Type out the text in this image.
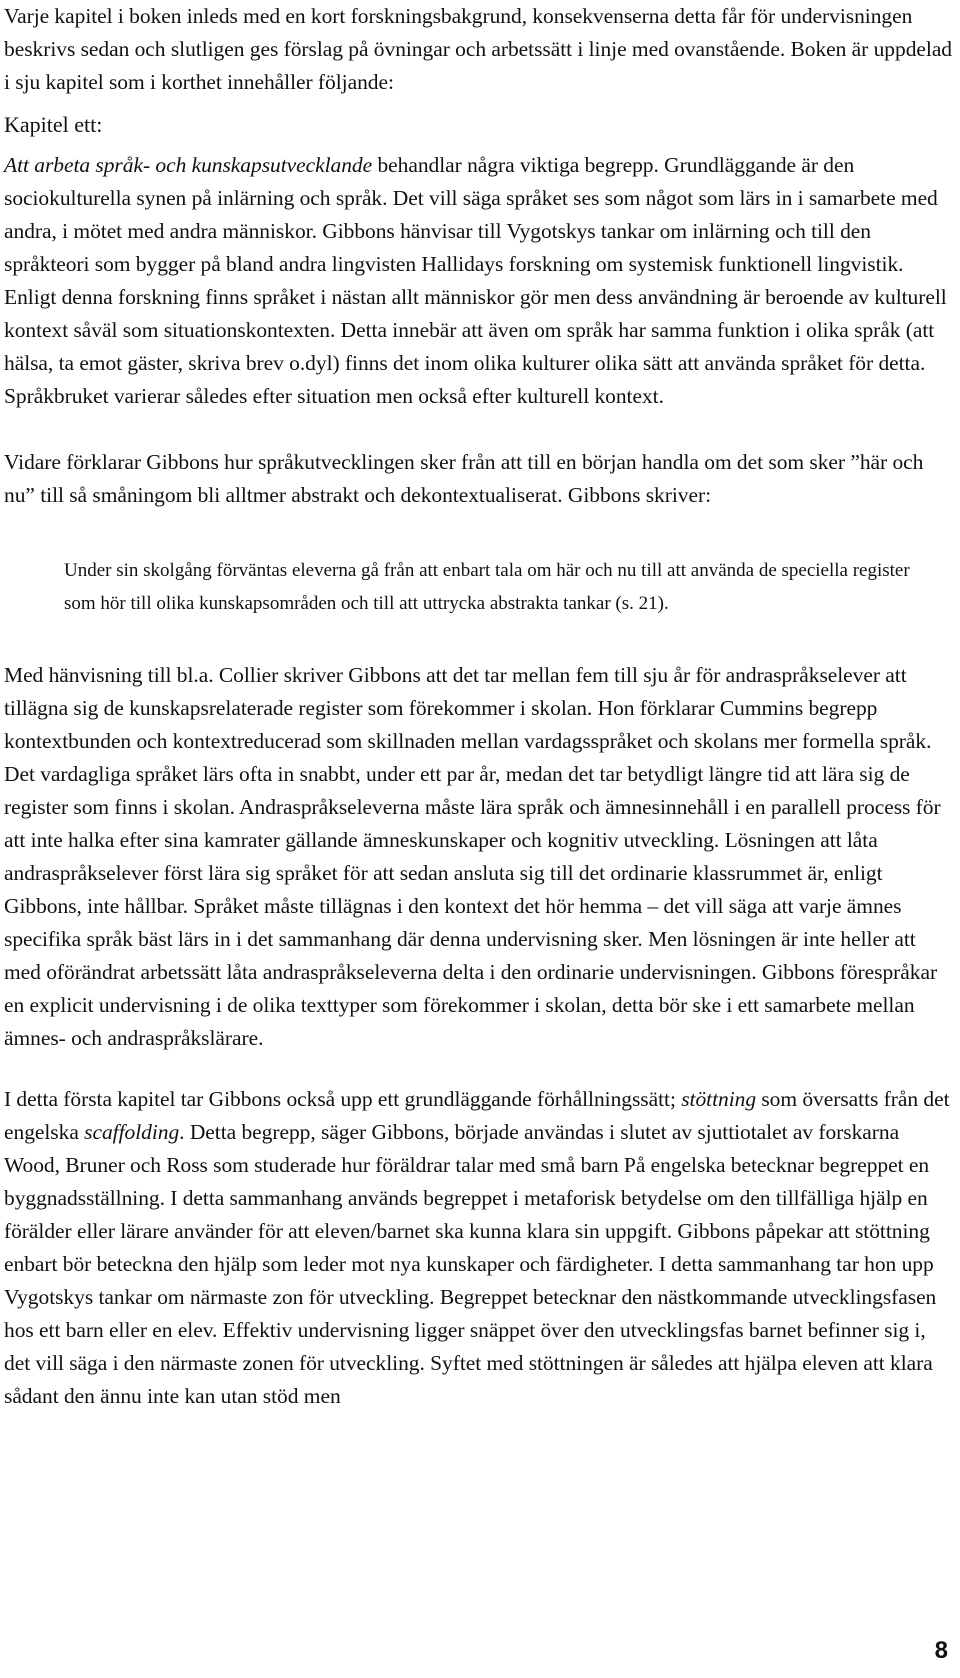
Varje kapitel i boken inleds med en kort forskningsbakgrund, konsekvenserna detta får för undervisningen beskrivs sedan och slutligen ges förslag på övningar och arbetssätt i linje med ovanstående. Boken är uppdelad i sju kapitel som i korthet innehåller följande:

Kapitel ett:

Att arbeta språk- och kunskapsutvecklande behandlar några viktiga begrepp. Grundläggande är den sociokulturella synen på inlärning och språk. Det vill säga språket ses som något som lärs in i samarbete med andra, i mötet med andra människor. Gibbons hänvisar till Vygotskys tankar om inlärning och till den språkteori som bygger på bland andra lingvisten Hallidays forskning om systemisk funktionell lingvistik. Enligt denna forskning finns språket i nästan allt människor gör men dess användning är beroende av kulturell kontext såväl som situationskontexten. Detta innebär att även om språk har samma funktion i olika språk (att hälsa, ta emot gäster, skriva brev o.dyl) finns det inom olika kulturer olika sätt att använda språket för detta. Språkbruket varierar således efter situation men också efter kulturell kontext.

Vidare förklarar Gibbons hur språkutvecklingen sker från att till en början handla om det som sker ”här och nu” till så småningom bli alltmer abstrakt och dekontextualiserat. Gibbons skriver:

Under sin skolgång förväntas eleverna gå från att enbart tala om här och nu till att använda de speciella register som hör till olika kunskapsområden och till att uttrycka abstrakta tankar (s. 21).

Med hänvisning till bl.a. Collier skriver Gibbons att det tar mellan fem till sju år för andraspråkselever att tillägna sig de kunskapsrelaterade register som förekommer i skolan. Hon förklarar Cummins begrepp kontextbunden och kontextreducerad som skillnaden mellan vardagsspråket och skolans mer formella språk. Det vardagliga språket lärs ofta in snabbt, under ett par år, medan det tar betydligt längre tid att lära sig de register som finns i skolan. Andraspråkseleverna måste lära språk och ämnesinnehåll i en parallell process för att inte halka efter sina kamrater gällande ämneskunskaper och kognitiv utveckling. Lösningen att låta andraspråkselever först lära sig språket för att sedan ansluta sig till det ordinarie klassrummet är, enligt Gibbons, inte hållbar. Språket måste tillägnas i den kontext det hör hemma – det vill säga att varje ämnes specifika språk bäst lärs in i det sammanhang där denna undervisning sker. Men lösningen är inte heller att med oförändrat arbetssätt låta andraspråkseleverna delta i den ordinarie undervisningen. Gibbons förespråkar en explicit undervisning i de olika texttyper som förekommer i skolan, detta bör ske i ett samarbete mellan ämnes- och andraspråkslärare.

I detta första kapitel tar Gibbons också upp ett grundläggande förhållningssätt; stöttning som översatts från det engelska scaffolding. Detta begrepp, säger Gibbons, började användas i slutet av sjuttiotalet av forskarna Wood, Bruner och Ross som studerade hur föräldrar talar med små barn På engelska betecknar begreppet en byggnadsställning. I detta sammanhang används begreppet i metaforisk betydelse om den tillfälliga hjälp en förälder eller lärare använder för att eleven/barnet ska kunna klara sin uppgift. Gibbons påpekar att stöttning enbart bör beteckna den hjälp som leder mot nya kunskaper och färdigheter. I detta sammanhang tar hon upp Vygotskys tankar om närmaste zon för utveckling. Begreppet betecknar den nästkommande utvecklingsfasen hos ett barn eller en elev. Effektiv undervisning ligger snäppet över den utvecklingsfas barnet befinner sig i, det vill säga i den närmaste zonen för utveckling. Syftet med stöttningen är således att hjälpa eleven att klara sådant den ännu inte kan utan stöd men

8
